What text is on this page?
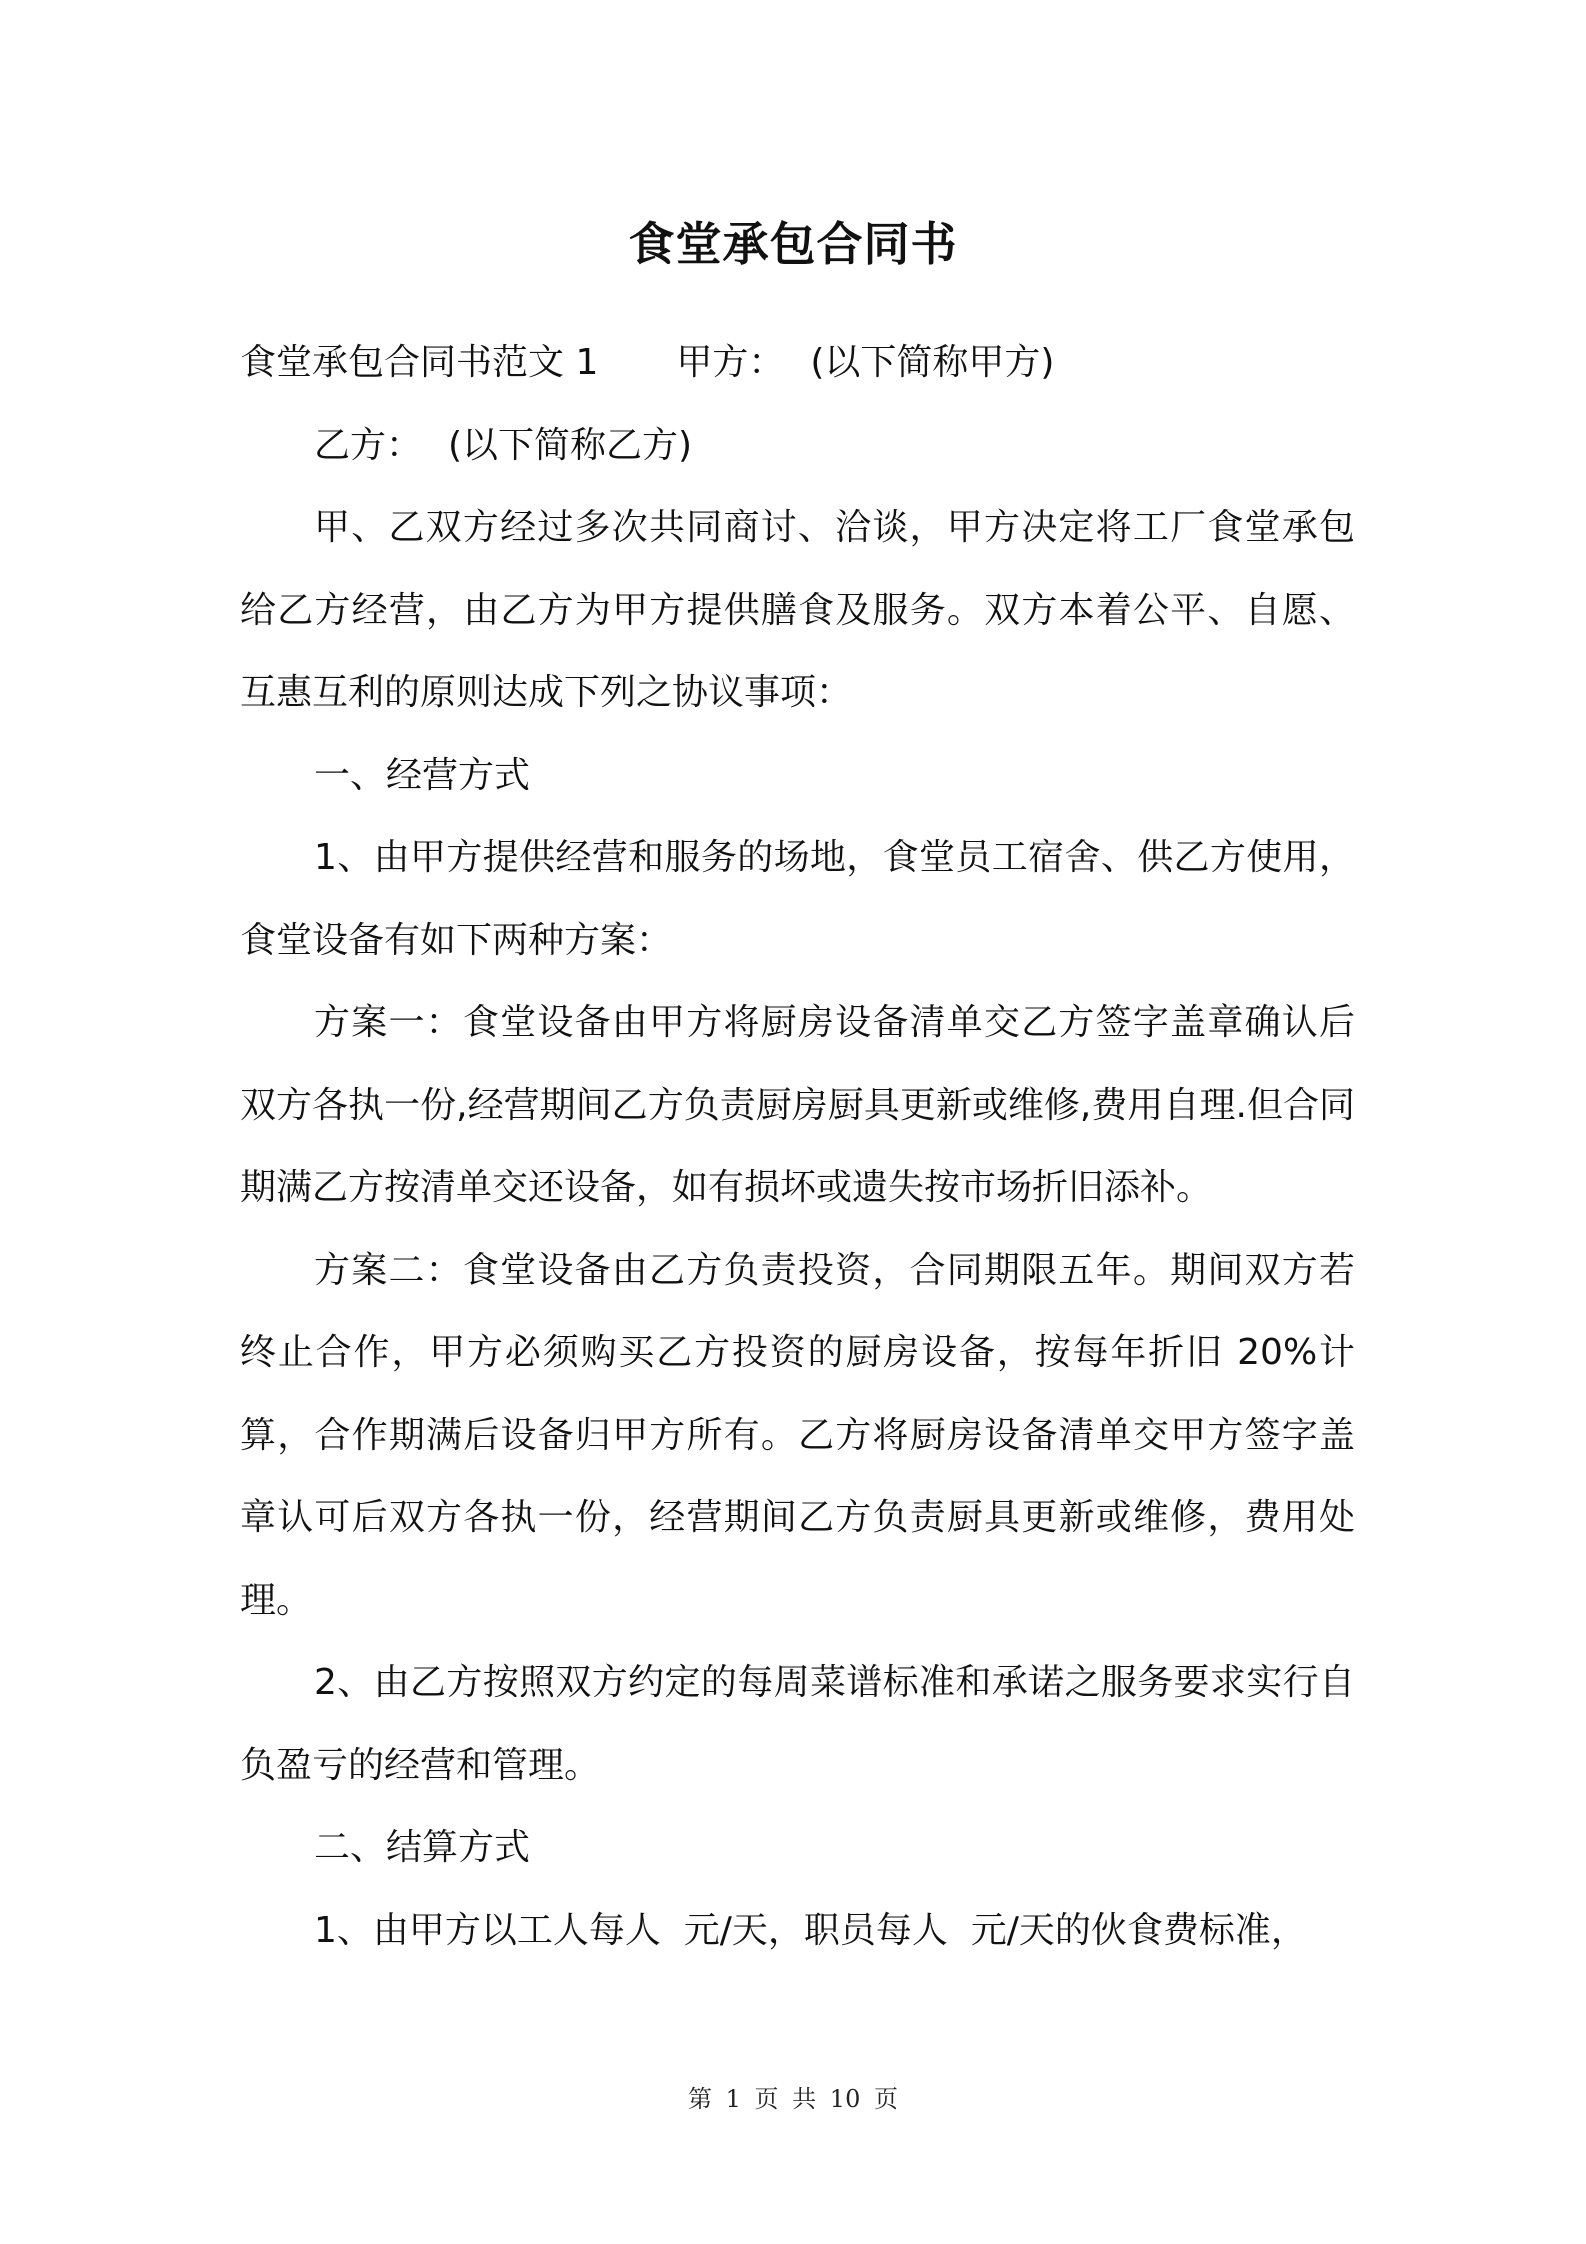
食堂承包合同书

食堂承包合同书范文 1 甲方： (以下简称甲方)

乙方： (以下简称乙方)

甲、乙双方经过多次共同商讨、洽谈，甲方决定将工厂食堂承包给乙方经营，由乙方为甲方提供膳食及服务。双方本着公平、自愿、互惠互利的原则达成下列之协议事项：

一、经营方式

1、由甲方提供经营和服务的场地，食堂员工宿舍、供乙方使用，食堂设备有如下两种方案：

方案一：食堂设备由甲方将厨房设备清单交乙方签字盖章确认后双方各执一份,经营期间乙方负责厨房厨具更新或维修,费用自理.但合同期满乙方按清单交还设备，如有损坏或遗失按市场折旧添补。

方案二：食堂设备由乙方负责投资，合同期限五年。期间双方若终止合作，甲方必须购买乙方投资的厨房设备，按每年折旧 20%计算，合作期满后设备归甲方所有。乙方将厨房设备清单交甲方签字盖章认可后双方各执一份，经营期间乙方负责厨具更新或维修，费用处理。

2、由乙方按照双方约定的每周菜谱标准和承诺之服务要求实行自负盈亏的经营和管理。

二、结算方式

1、由甲方以工人每人  元/天，职员每人  元/天的伙食费标准，

第 1 页 共 10 页
